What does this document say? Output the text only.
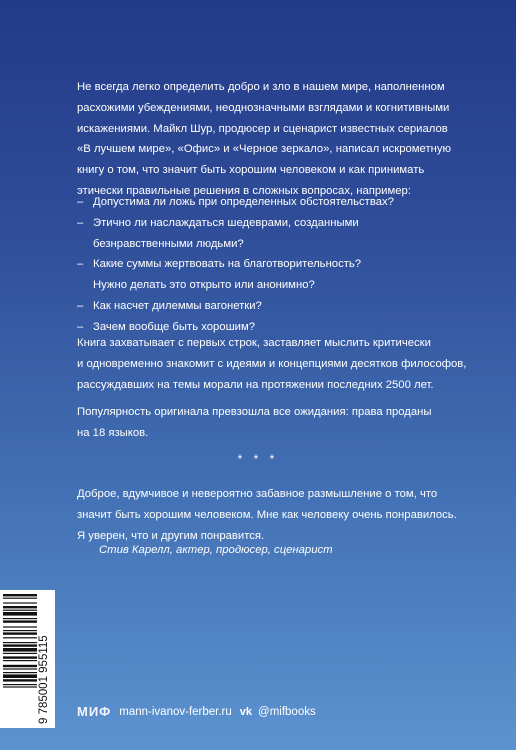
Не всегда легко определить добро и зло в нашем мире, наполненном
расхожими убеждениями, неоднозначными взглядами и когнитивными
искажениями. Майкл Шур, продюсер и сценарист известных сериалов
«В лучшем мире», «Офис» и «Черное зеркало», написал искрометную
книгу о том, что значит быть хорошим человеком и как принимать
этически правильные решения в сложных вопросах, например:
– Допустима ли ложь при определенных обстоятельствах?
– Этично ли наслаждаться шедеврами, созданными
безнравственными людьми?
– Какие суммы жертвовать на благотворительность?
Нужно делать это открыто или анонимно?
– Как насчет дилеммы вагонетки?
– Зачем вообще быть хорошим?
Книга захватывает с первых строк, заставляет мыслить критически
и одновременно знакомит с идеями и концепциями десятков философов,
рассуждавших на темы морали на протяжении последних 2500 лет.
Популярность оригинала превзошла все ожидания: права проданы
на 18 языков.
* * *
Доброе, вдумчивое и невероятно забавное размышление о том, что
значит быть хорошим человеком. Мне как человеку очень понравилось.
Я уверен, что и другим понравится.
Стив Карелл, актер, продюсер, сценарист
9 785001 955115 МИФ mann-ivanov-ferber.ru vk @mifbooks
